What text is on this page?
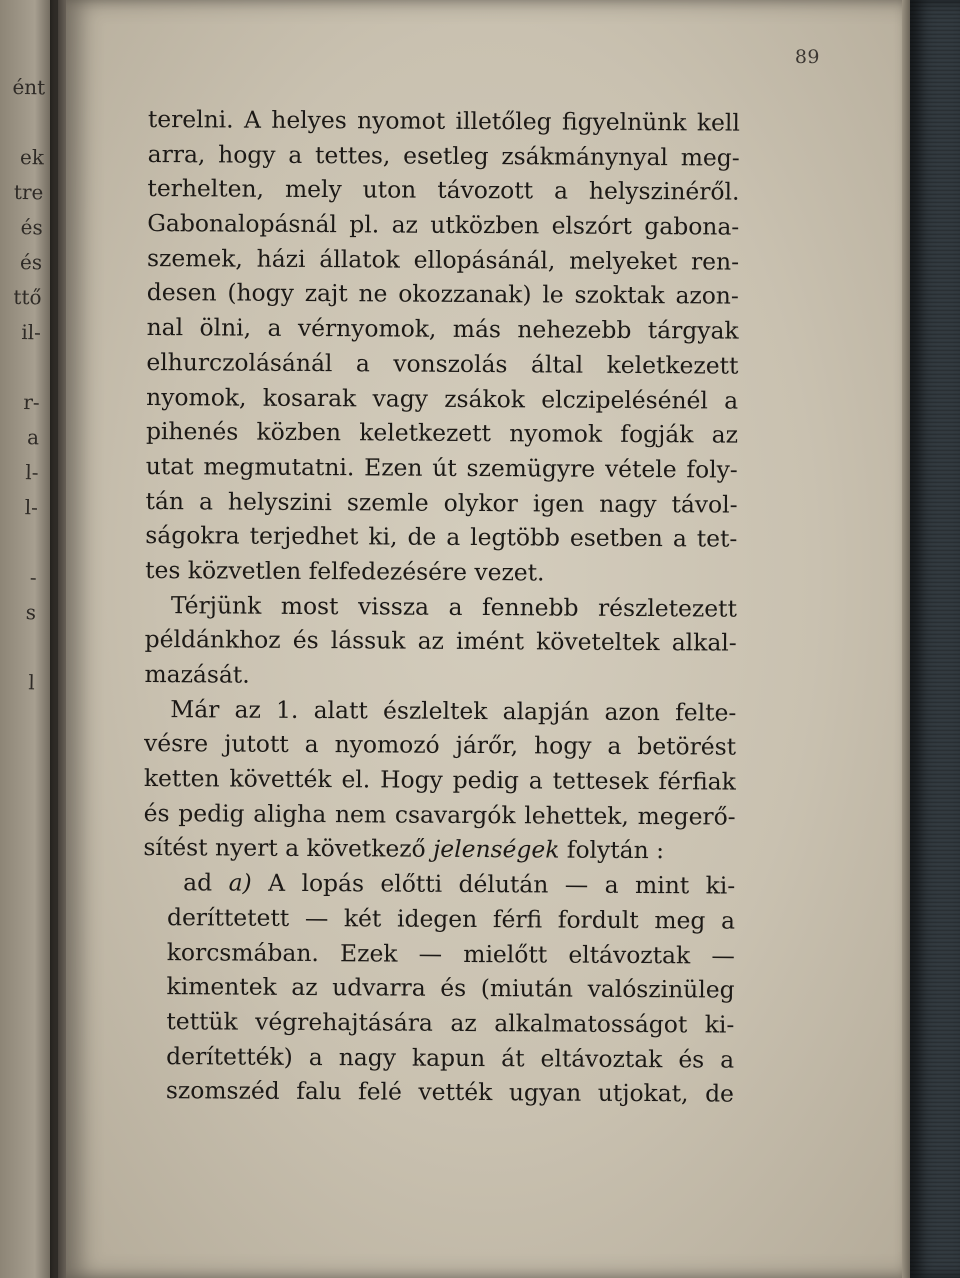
ént
ek
tre
és
és
ttő
il-
r-
a
l-
l-
-
s
l
89
terelni. A helyes nyomot illetőleg figyelnünk kell
arra, hogy a tettes, esetleg zsákmánynyal meg-
terhelten, mely uton távozott a helyszinéről.
Gabonalopásnál pl. az utközben elszórt gabona-
szemek, házi állatok ellopásánál, melyeket ren-
desen (hogy zajt ne okozzanak) le szoktak azon-
nal ölni, a vérnyomok, más nehezebb tárgyak
elhurczolásánál a vonszolás által keletkezett
nyomok, kosarak vagy zsákok elczipelésénél a
pihenés közben keletkezett nyomok fogják az
utat megmutatni. Ezen út szemügyre vétele foly-
tán a helyszini szemle olykor igen nagy távol-
ságokra terjedhet ki, de a legtöbb esetben a tet-
tes közvetlen felfedezésére vezet.
Térjünk most vissza a fennebb részletezett
példánkhoz és lássuk az imént követeltek alkal-
mazását.
Már az 1. alatt észleltek alapján azon felte-
vésre jutott a nyomozó járőr, hogy a betörést
ketten követték el. Hogy pedig a tettesek férfiak
és pedig aligha nem csavargók lehettek, megerő-
sítést nyert a következő jelenségek folytán :
ad a) A lopás előtti délután — a mint ki-
deríttetett — két idegen férfi fordult meg a
korcsmában. Ezek — mielőtt eltávoztak —
kimentek az udvarra és (miután valószinüleg
tettük végrehajtására az alkalmatosságot ki-
derítették) a nagy kapun át eltávoztak és a
szomszéd falu felé vették ugyan utjokat, de
